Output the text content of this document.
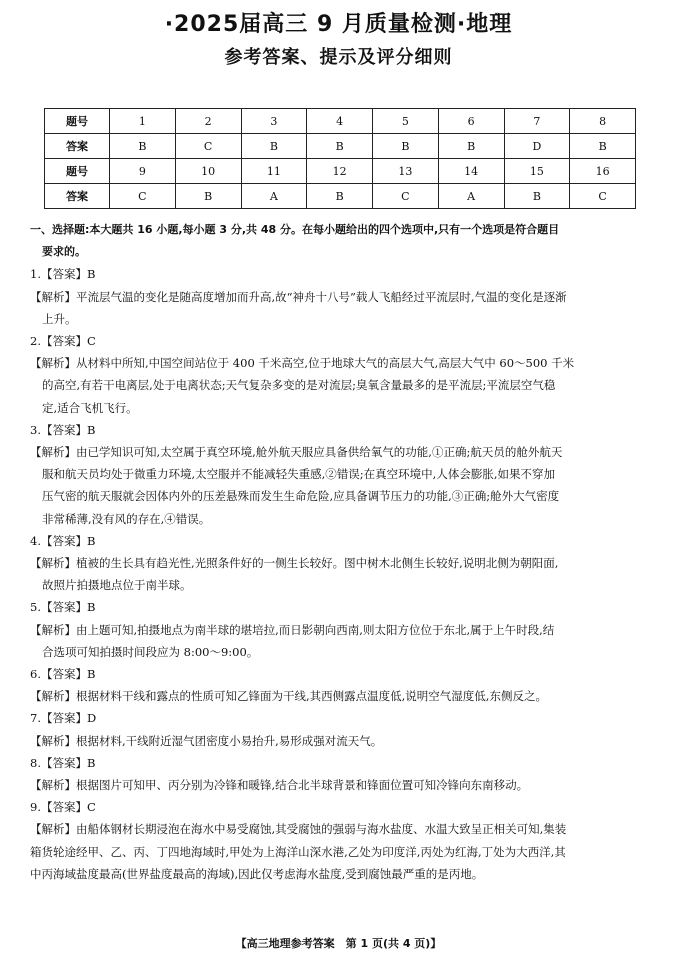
·2025届高三 9 月质量检测·地理

参考答案、提示及评分细则

题号	1	2	3	4	5	6	7	8
答案	B	C	B	B	B	B	D	B
题号	9	10	11	12	13	14	15	16
答案	C	B	A	B	C	A	B	C

一、选择题:本大题共 16 小题,每小题 3 分,共 48 分。在每小题给出的四个选项中,只有一个选项是符合题目

要求的。

1.【答案】B

【解析】平流层气温的变化是随高度增加而升高,故“神舟十八号”载人飞船经过平流层时,气温的变化是逐渐

上升。

2.【答案】C

【解析】从材料中所知,中国空间站位于 400 千米高空,位于地球大气的高层大气,高层大气中 60～500 千米

的高空,有若干电离层,处于电离状态;天气复杂多变的是对流层;臭氧含量最多的是平流层;平流层空气稳

定,适合飞机飞行。

3.【答案】B

【解析】由已学知识可知,太空属于真空环境,舱外航天服应具备供给氧气的功能,①正确;航天员的舱外航天

服和航天员均处于微重力环境,太空服并不能减轻失重感,②错误;在真空环境中,人体会膨胀,如果不穿加

压气密的航天服就会因体内外的压差悬殊而发生生命危险,应具备调节压力的功能,③正确;舱外大气密度

非常稀薄,没有风的存在,④错误。

4.【答案】B

【解析】植被的生长具有趋光性,光照条件好的一侧生长较好。图中树木北侧生长较好,说明北侧为朝阳面,

故照片拍摄地点位于南半球。

5.【答案】B

【解析】由上题可知,拍摄地点为南半球的堪培拉,而日影朝向西南,则太阳方位位于东北,属于上午时段,结

合选项可知拍摄时间段应为 8:00～9:00。

6.【答案】B

【解析】根据材料干线和露点的性质可知乙锋面为干线,其西侧露点温度低,说明空气湿度低,东侧反之。

7.【答案】D

【解析】根据材料,干线附近湿气团密度小易抬升,易形成强对流天气。

8.【答案】B

【解析】根据图片可知甲、丙分别为冷锋和暖锋,结合北半球背景和锋面位置可知冷锋向东南移动。

9.【答案】C

【解析】由船体钢材长期浸泡在海水中易受腐蚀,其受腐蚀的强弱与海水盐度、水温大致呈正相关可知,集装

箱货轮途经甲、乙、丙、丁四地海域时,甲处为上海洋山深水港,乙处为印度洋,丙处为红海,丁处为大西洋,其

中丙海域盐度最高(世界盐度最高的海域),因此仅考虑海水盐度,受到腐蚀最严重的是丙地。

【高三地理参考答案　第 1 页(共 4 页)】
